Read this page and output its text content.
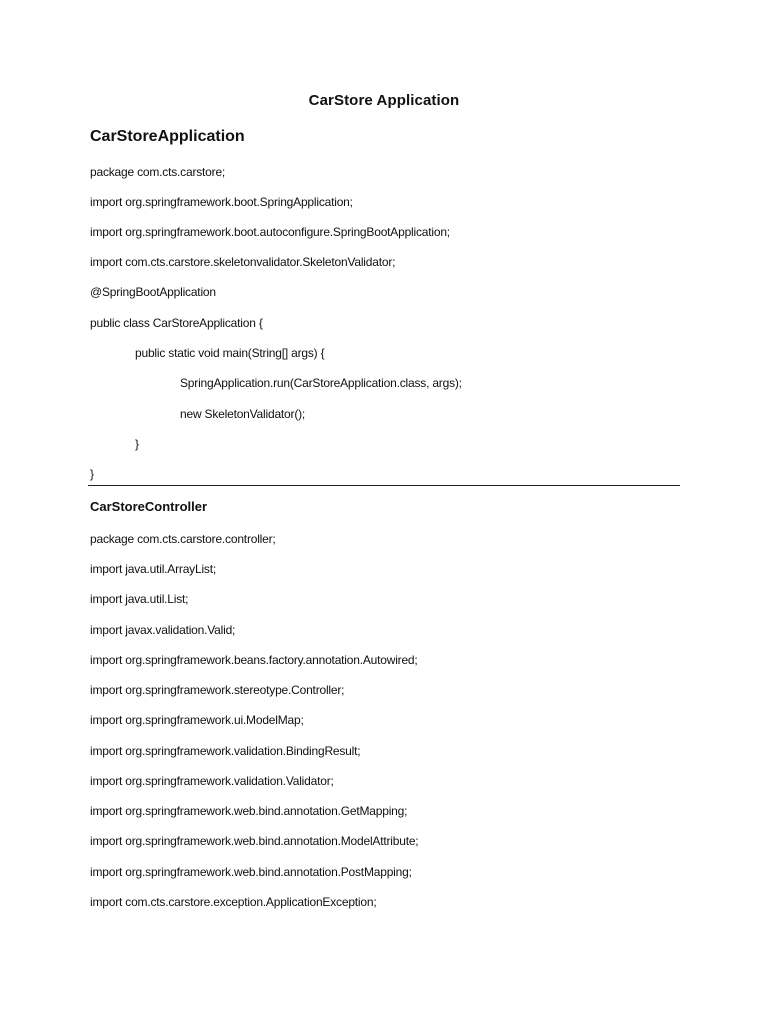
CarStore Application
CarStoreApplication
package com.cts.carstore;
import org.springframework.boot.SpringApplication;
import org.springframework.boot.autoconfigure.SpringBootApplication;
import com.cts.carstore.skeletonvalidator.SkeletonValidator;
@SpringBootApplication
public class CarStoreApplication {
public static void main(String[] args) {
SpringApplication.run(CarStoreApplication.class, args);
new SkeletonValidator();
}
}
CarStoreController
package com.cts.carstore.controller;
import java.util.ArrayList;
import java.util.List;
import javax.validation.Valid;
import org.springframework.beans.factory.annotation.Autowired;
import org.springframework.stereotype.Controller;
import org.springframework.ui.ModelMap;
import org.springframework.validation.BindingResult;
import org.springframework.validation.Validator;
import org.springframework.web.bind.annotation.GetMapping;
import org.springframework.web.bind.annotation.ModelAttribute;
import org.springframework.web.bind.annotation.PostMapping;
import com.cts.carstore.exception.ApplicationException;
